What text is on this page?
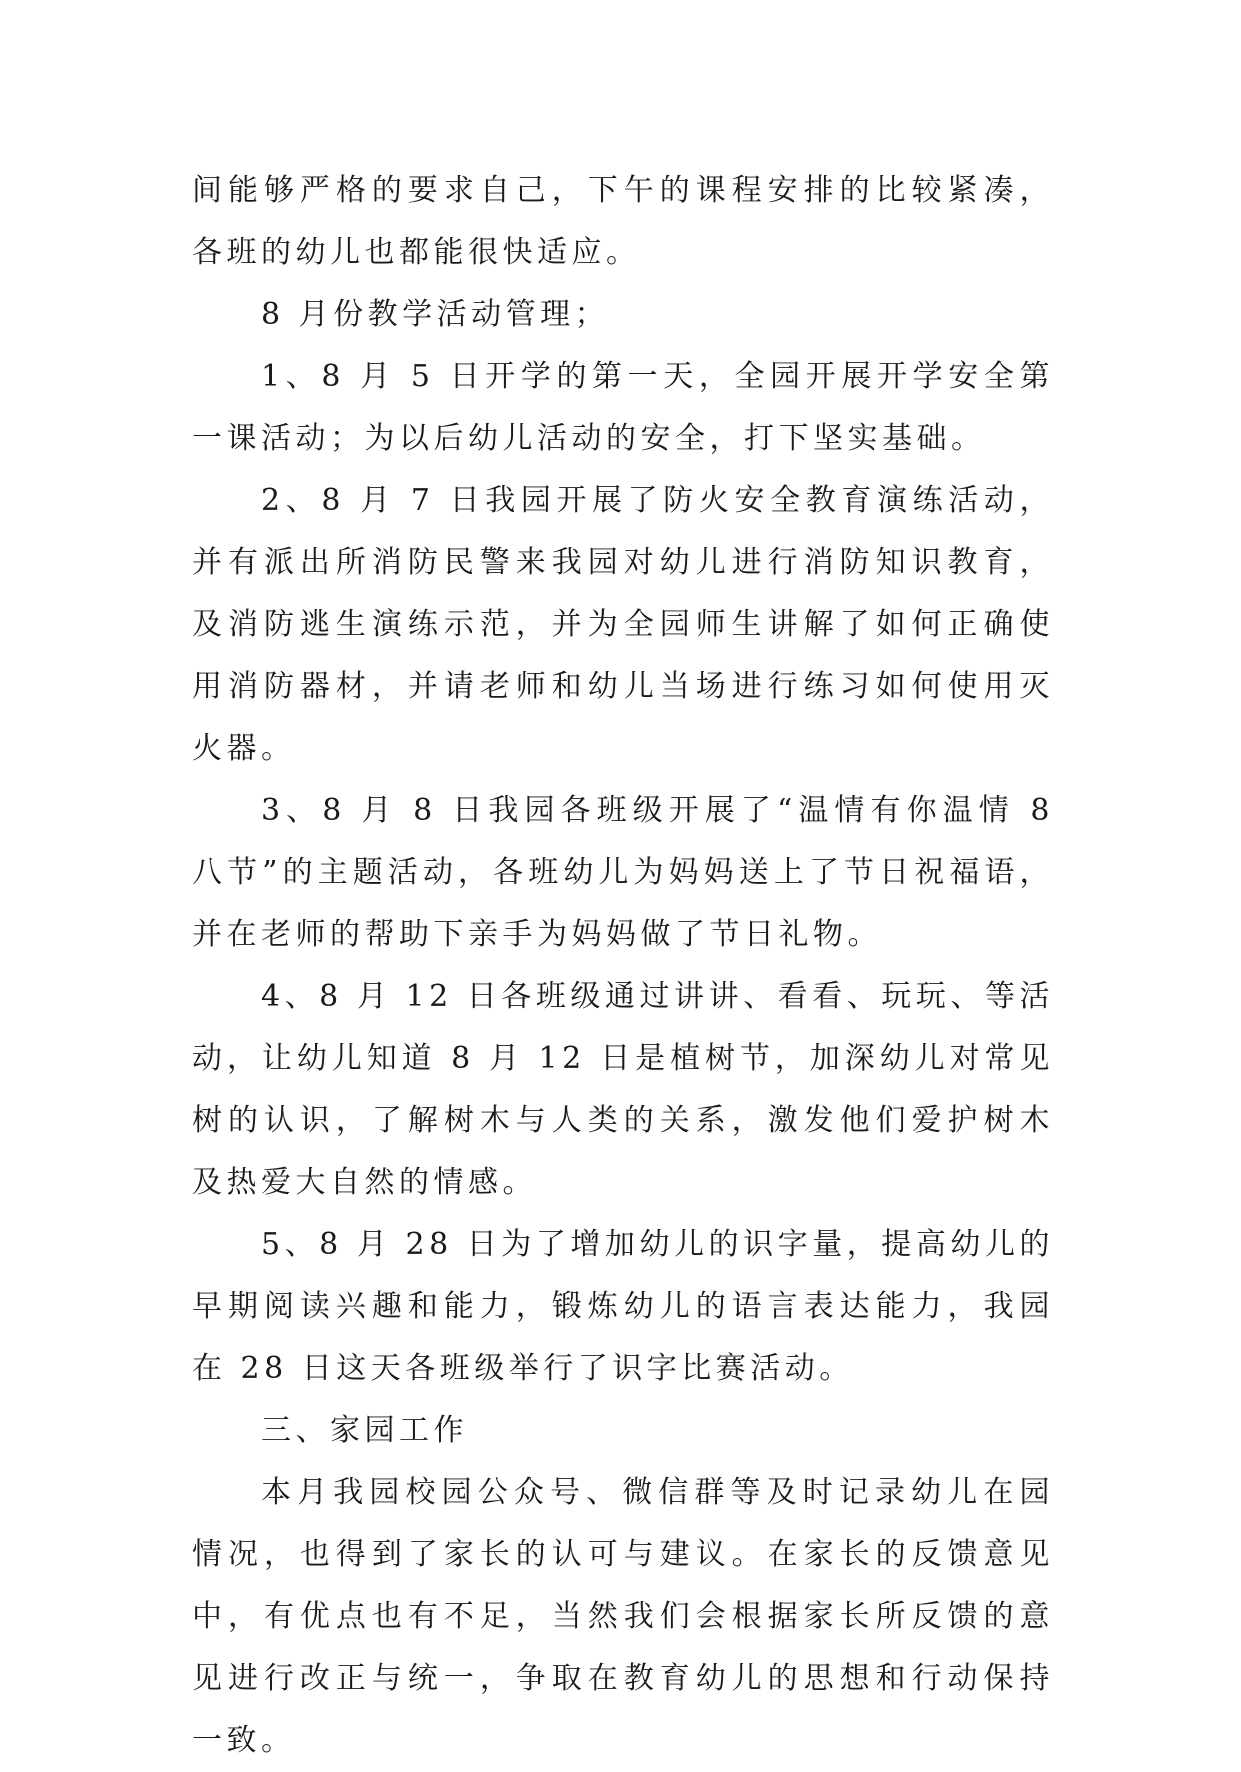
间能够严格的要求自己，下午的课程安排的比较紧凑，各班的幼儿也都能很快适应。

8 月份教学活动管理；

1、8 月 5 日开学的第一天，全园开展开学安全第一课活动；为以后幼儿活动的安全，打下坚实基础。

2、8 月 7 日我园开展了防火安全教育演练活动，并有派出所消防民警来我园对幼儿进行消防知识教育，及消防逃生演练示范，并为全园师生讲解了如何正确使用消防器材，并请老师和幼儿当场进行练习如何使用灭火器。

3、8 月 8 日我园各班级开展了“温情有你温情 8 八节”的主题活动，各班幼儿为妈妈送上了节日祝福语，并在老师的帮助下亲手为妈妈做了节日礼物。

4、8 月 12 日各班级通过讲讲、看看、玩玩、等活动，让幼儿知道 8 月 12 日是植树节，加深幼儿对常见树的认识，了解树木与人类的关系，激发他们爱护树木及热爱大自然的情感。

5、8 月 28 日为了增加幼儿的识字量，提高幼儿的早期阅读兴趣和能力，锻炼幼儿的语言表达能力，我园在 28 日这天各班级举行了识字比赛活动。

三、家园工作

本月我园校园公众号、微信群等及时记录幼儿在园情况，也得到了家长的认可与建议。在家长的反馈意见中，有优点也有不足，当然我们会根据家长所反馈的意见进行改正与统一，争取在教育幼儿的思想和行动保持一致。
